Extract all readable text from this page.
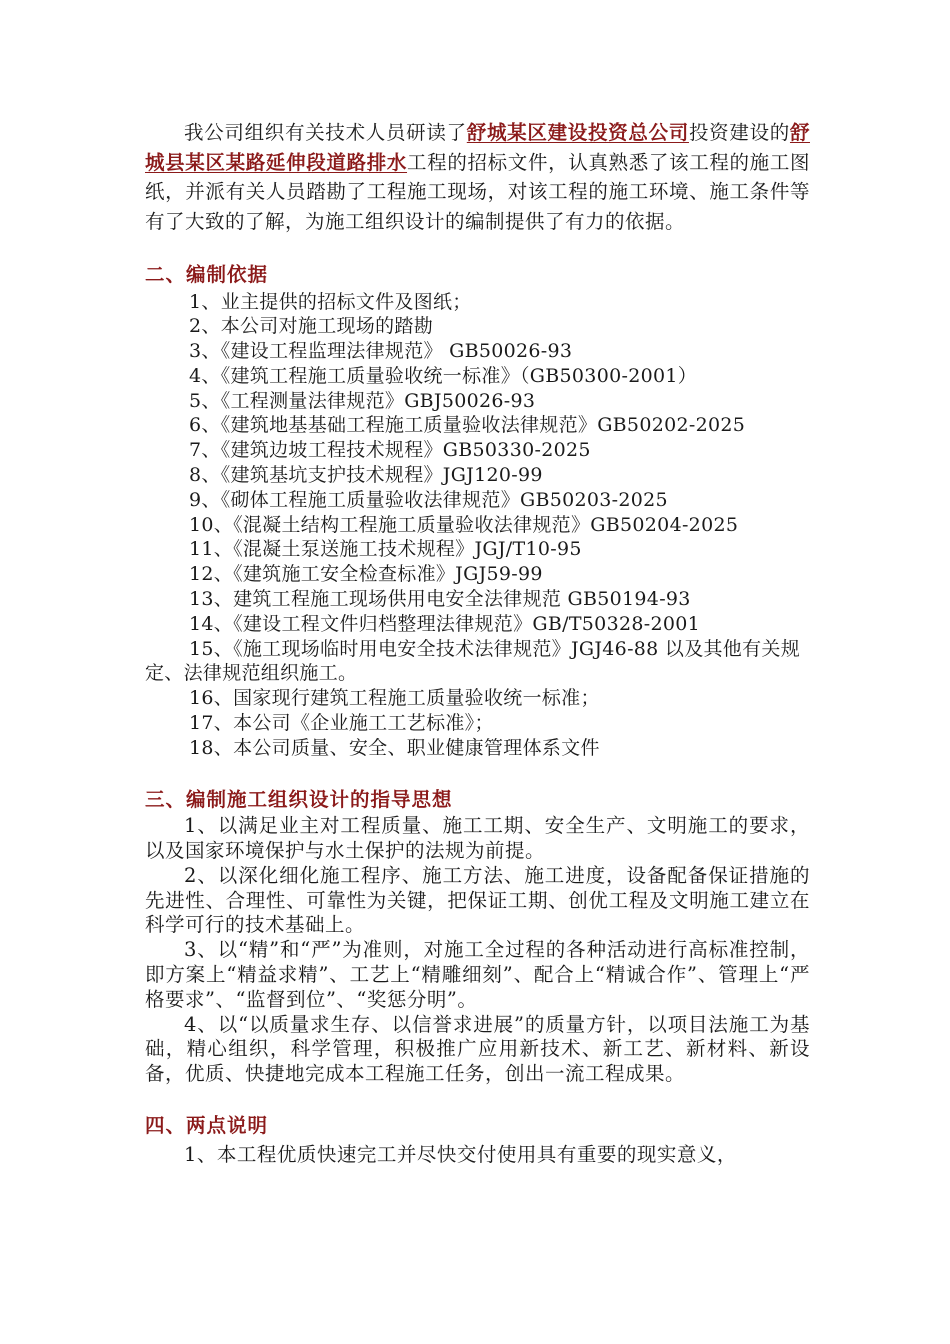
我公司组织有关技术人员研读了舒城某区建设投资总公司投资建设的舒城县某区某路延伸段道路排水工程的招标文件，认真熟悉了该工程的施工图纸，并派有关人员踏勘了工程施工现场，对该工程的施工环境、施工条件等有了大致的了解，为施工组织设计的编制提供了有力的依据。

二、编制依据

1、业主提供的招标文件及图纸；

2、本公司对施工现场的踏勘

3、《建设工程监理法律规范》 GB50026-93

4、《建筑工程施工质量验收统一标准》（GB50300-2001）

5、《工程测量法律规范》GBJ50026-93

6、《建筑地基基础工程施工质量验收法律规范》GB50202-2025

7、《建筑边坡工程技术规程》GB50330-2025

8、《建筑基坑支护技术规程》JGJ120-99

9、《砌体工程施工质量验收法律规范》GB50203-2025

10、《混凝土结构工程施工质量验收法律规范》GB50204-2025

11、《混凝土泵送施工技术规程》JGJ/T10-95

12、《建筑施工安全检查标准》JGJ59-99

13、建筑工程施工现场供用电安全法律规范 GB50194-93

14、《建设工程文件归档整理法律规范》GB/T50328-2001

15、《施工现场临时用电安全技术法律规范》JGJ46-88 以及其他有关规定、法律规范组织施工。

16、国家现行建筑工程施工质量验收统一标准；

17、本公司《企业施工工艺标准》；

18、本公司质量、安全、职业健康管理体系文件

三、编制施工组织设计的指导思想

1、以满足业主对工程质量、施工工期、安全生产、文明施工的要求，以及国家环境保护与水土保护的法规为前提。

2、以深化细化施工程序、施工方法、施工进度，设备配备保证措施的先进性、合理性、可靠性为关键，把保证工期、创优工程及文明施工建立在科学可行的技术基础上。

3、以“精”和“严”为准则，对施工全过程的各种活动进行高标准控制，即方案上“精益求精”、工艺上“精雕细刻”、配合上“精诚合作”、管理上“严格要求”、“监督到位”、“奖惩分明”。

4、以“以质量求生存、以信誉求进展”的质量方针，以项目法施工为基础，精心组织，科学管理，积极推广应用新技术、新工艺、新材料、新设备，优质、快捷地完成本工程施工任务，创出一流工程成果。

四、两点说明

1、本工程优质快速完工并尽快交付使用具有重要的现实意义，
